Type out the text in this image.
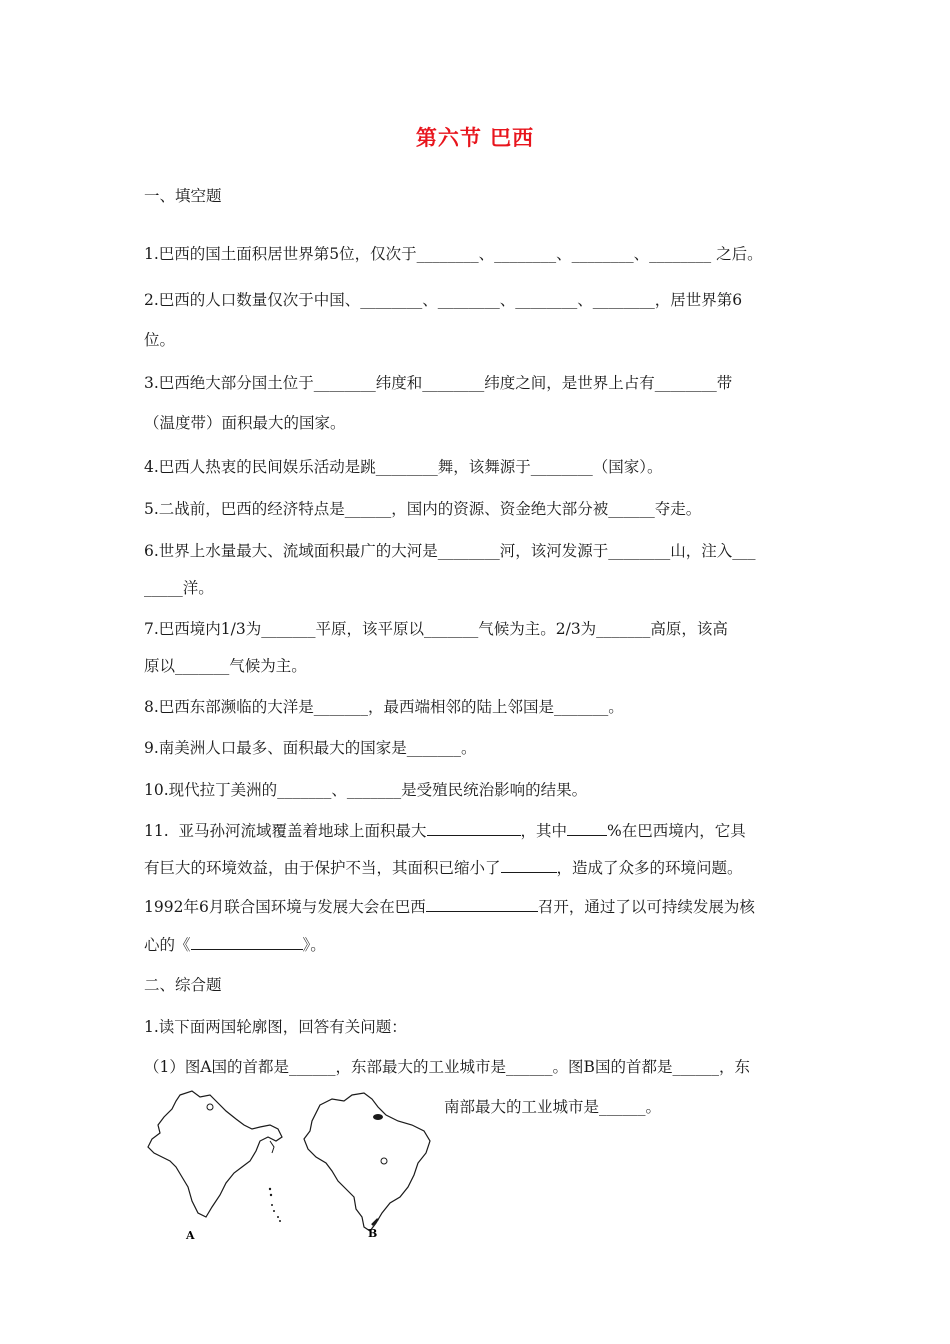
第六节 巴西
一、填空题
1.巴西的国土面积居世界第5位，仅次于________、________、________、________ 之后。
2.巴西的人口数量仅次于中国、________、________、________、________，居世界第6
位。
3.巴西绝大部分国土位于________纬度和________纬度之间，是世界上占有________带
（温度带）面积最大的国家。
4.巴西人热衷的民间娱乐活动是跳________舞，该舞源于________（国家）。
5.二战前，巴西的经济特点是______，国内的资源、资金绝大部分被______夺走。
6.世界上水量最大、流域面积最广的大河是________河，该河发源于________山，注入___
_____洋。
7.巴西境内1/3为_______平原，该平原以_______气候为主。2/3为_______高原，该高
原以_______气候为主。
8.巴西东部濒临的大洋是_______，最西端相邻的陆上邻国是_______。
9.南美洲人口最多、面积最大的国家是_______。
10.现代拉丁美洲的_______、_______是受殖民统治影响的结果。
11.  亚马孙河流域覆盖着地球上面积最大	，其中	%在巴西境内，它具
有巨大的环境效益，由于保护不当，其面积已缩小了	，造成了众多的环境问题。
1992年6月联合国环境与发展大会在巴西	召开，通过了以可持续发展为核
心的《	》。
二、综合题
1.读下面两国轮廓图，回答有关问题：
（1）图A国的首都是______，东部最大的工业城市是______。图B国的首都是______，东
南部最大的工业城市是______。
A	B
